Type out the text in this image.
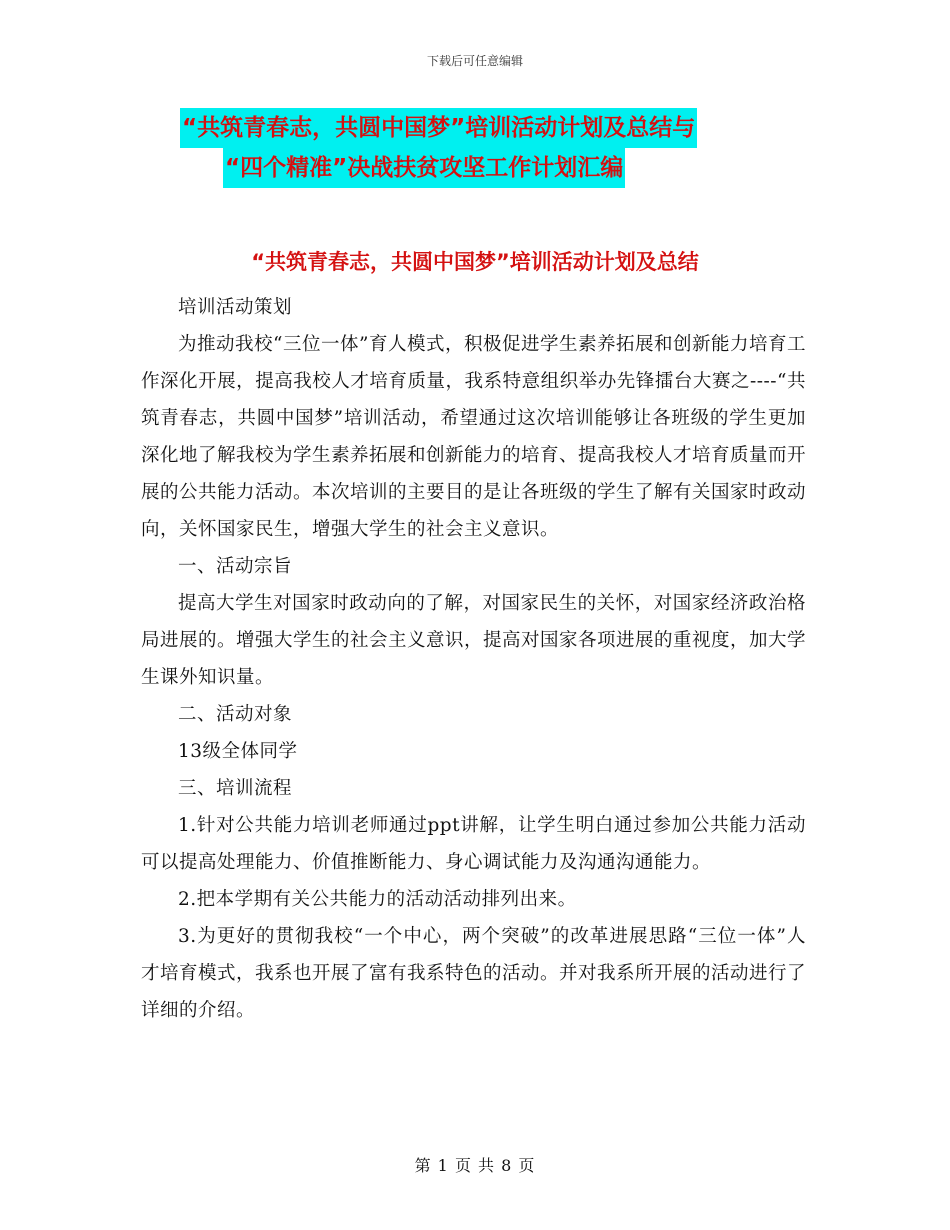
下载后可任意编辑
“共筑青春志，共圆中国梦”培训活动计划及总结与
“四个精准”决战扶贫攻坚工作计划汇编
“共筑青春志，共圆中国梦”培训活动计划及总结

培训活动策划

为推动我校“三位一体”育人模式，积极促进学生素养拓展和创新能力培育工作深化开展，提高我校人才培育质量，我系特意组织举办先锋擂台大赛之----“共筑青春志，共圆中国梦”培训活动，希望通过这次培训能够让各班级的学生更加深化地了解我校为学生素养拓展和创新能力的培育、提高我校人才培育质量而开展的公共能力活动。本次培训的主要目的是让各班级的学生了解有关国家时政动向，关怀国家民生，增强大学生的社会主义意识。

一、活动宗旨

提高大学生对国家时政动向的了解，对国家民生的关怀，对国家经济政治格局进展的。增强大学生的社会主义意识，提高对国家各项进展的重视度，加大学生课外知识量。

二、活动对象

13级全体同学

三、培训流程

1.针对公共能力培训老师通过ppt讲解，让学生明白通过参加公共能力活动可以提高处理能力、价值推断能力、身心调试能力及沟通沟通能力。

2.把本学期有关公共能力的活动活动排列出来。

3.为更好的贯彻我校“一个中心，两个突破”的改革进展思路“三位一体”人才培育模式，我系也开展了富有我系特色的活动。并对我系所开展的活动进行了详细的介绍。

第 1 页 共 8 页
